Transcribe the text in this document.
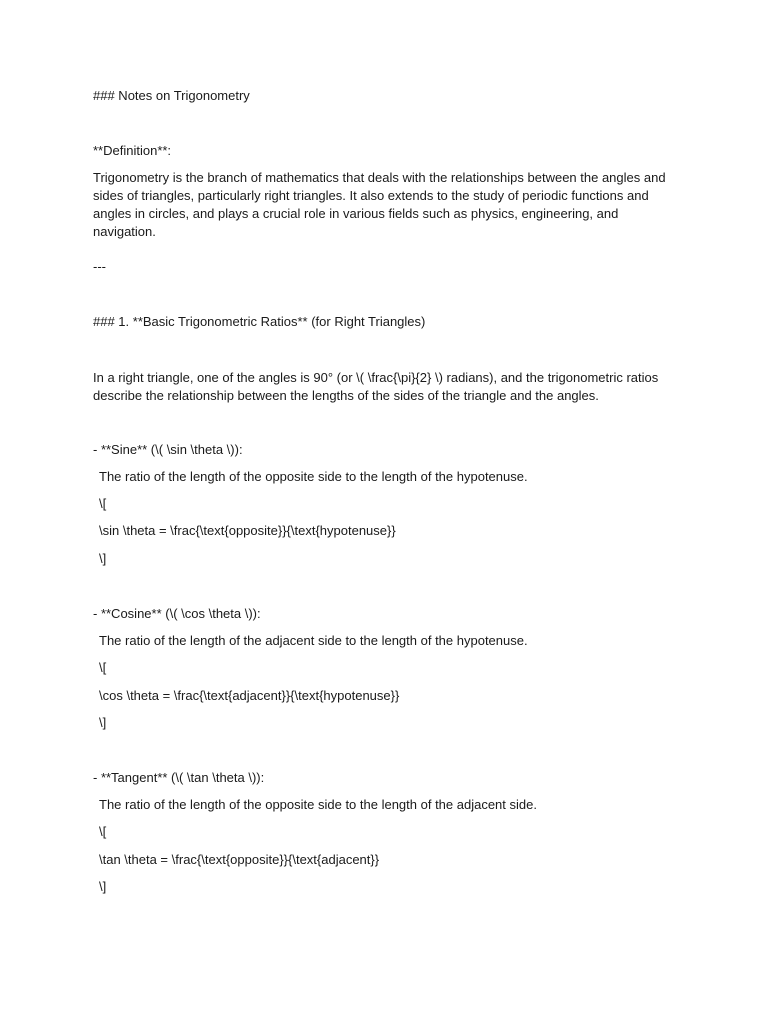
### Notes on Trigonometry
**Definition**:
Trigonometry is the branch of mathematics that deals with the relationships between the angles and sides of triangles, particularly right triangles. It also extends to the study of periodic functions and angles in circles, and plays a crucial role in various fields such as physics, engineering, and navigation.
---
### 1. **Basic Trigonometric Ratios** (for Right Triangles)
In a right triangle, one of the angles is 90° (or \( \frac{\pi}{2} \) radians), and the trigonometric ratios describe the relationship between the lengths of the sides of the triangle and the angles.
- **Sine** (\( \sin \theta \)):
The ratio of the length of the opposite side to the length of the hypotenuse.
\[
\sin \theta = \frac{\text{opposite}}{\text{hypotenuse}}
\]
- **Cosine** (\( \cos \theta \)):
The ratio of the length of the adjacent side to the length of the hypotenuse.
\[
\cos \theta = \frac{\text{adjacent}}{\text{hypotenuse}}
\]
- **Tangent** (\( \tan \theta \)):
The ratio of the length of the opposite side to the length of the adjacent side.
\[
\tan \theta = \frac{\text{opposite}}{\text{adjacent}}
\]
